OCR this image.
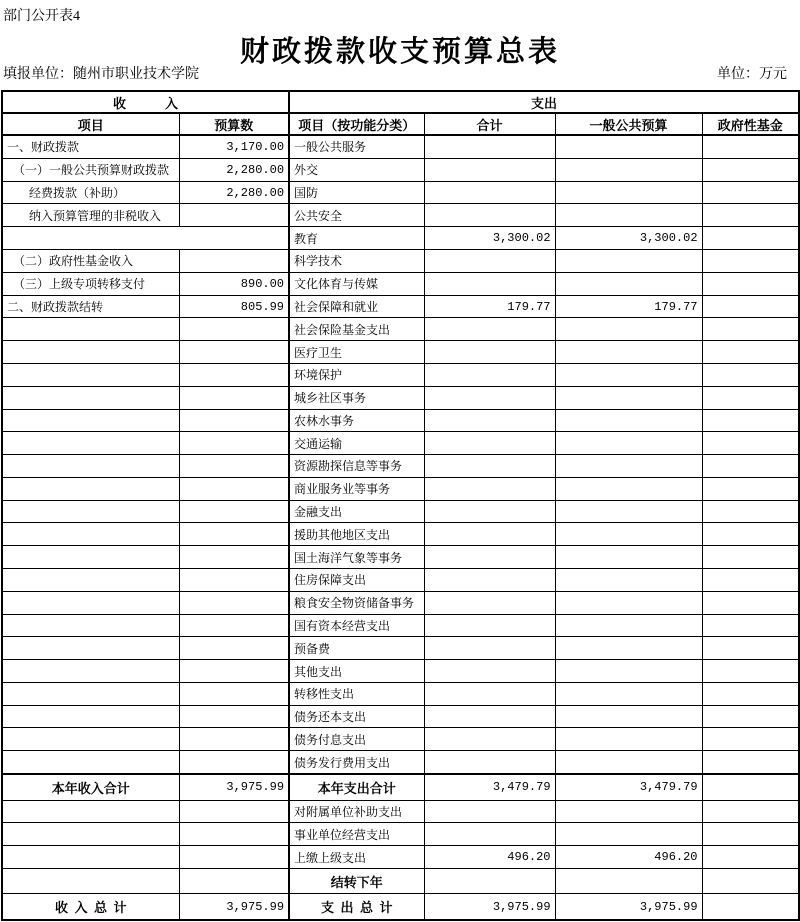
部门公开表4
财政拨款收支预算总表
填报单位：随州市职业技术学院	单位：万元
收　　　入		支出			
项目	预算数	项目（按功能分类）	合计	一般公共预算	政府性基金
一、财政拨款	3,170.00	一般公共服务			
（一）一般公共预算财政拨款	2,280.00	外交			
经费拨款（补助）	2,280.00	国防			
纳入预算管理的非税收入		公共安全			
		教育	3,300.02	3,300.02	
（二）政府性基金收入		科学技术			
（三）上级专项转移支付	890.00	文化体育与传媒			
二、财政拨款结转	805.99	社会保障和就业	179.77	179.77	
		社会保险基金支出			
		医疗卫生			
		环境保护			
		城乡社区事务			
		农林水事务			
		交通运输			
		资源勘探信息等事务			
		商业服务业等事务			
		金融支出			
		援助其他地区支出			
		国土海洋气象等事务			
		住房保障支出			
		粮食安全物资储备事务			
		国有资本经营支出			
		预备费			
		其他支出			
		转移性支出			
		债务还本支出			
		债务付息支出			
		债务发行费用支出			

本年收入合计	3,975.99	本年支出合计	3,479.79	3,479.79	
		对附属单位补助支出			
		事业单位经营支出			
		上缴上级支出	496.20	496.20	
		结转下年			
收  入  总  计	3,975.99	支  出  总  计	3,975.99	3,975.99	
